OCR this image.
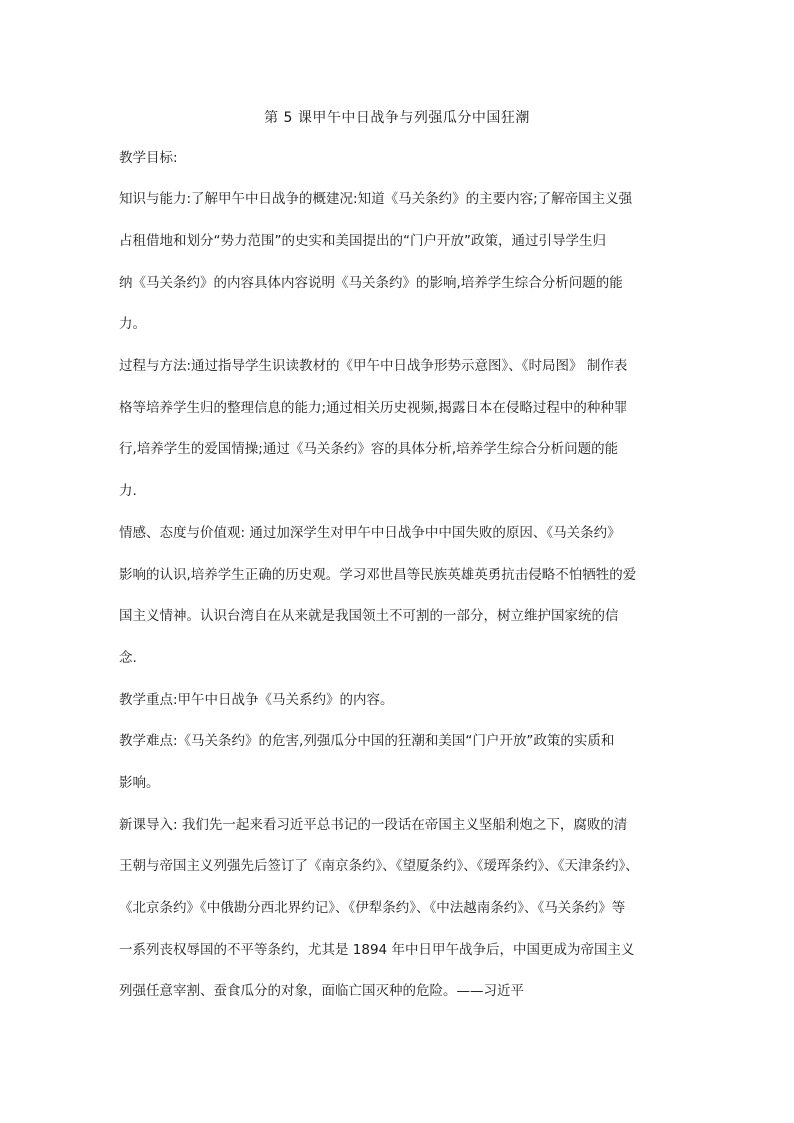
第 5 课甲午中日战争与列强瓜分中国狂潮
教学目标:
知识与能力:了解甲午中日战争的概建况:知道《马关条约》的主要内容;了解帝国主义强
占租借地和划分“势力范围”的史实和美国提出的“门户开放”政策，通过引导学生归
纳《马关条约》的内容具体内容说明《马关条约》的影响,培养学生综合分析问题的能
力。
过程与方法:通过指导学生识读教材的《甲午中日战争形势示意图》、《时局图》 制作表
格等培养学生归的整理信息的能力;通过相关历史视频,揭露日本在侵略过程中的种种罪
行,培养学生的爱国情操;通过《马关条约》容的具体分析,培养学生综合分析问题的能
力.
情感、态度与价值观: 通过加深学生对甲午中日战争中中国失败的原因、《马关条约》
影响的认识,培养学生正确的历史观。学习邓世昌等民族英雄英勇抗击侵略不怕牺牲的爱
国主义情神。认识台湾自在从来就是我国领土不可割的一部分，树立维护国家统的信
念.
教学重点:甲午中日战争《马关系约》的内容。
教学难点:《马关条约》的危害,列强瓜分中国的狂潮和美国“门户开放”政策的实质和
影响。
新课导入: 我们先一起来看习近平总书记的一段话在帝国主义坚船利炮之下，腐败的清
王朝与帝国主义列强先后签订了《南京条约》、《望厦条约》、《瑷珲条约》、《天津条约》、
《北京条约》《中俄勘分西北界约记》、《伊犁条约》、《中法越南条约》、《马关条约》等
一系列丧权辱国的不平等条约，尤其是 1894 年中日甲午战争后，中国更成为帝国主义
列强任意宰割、蚕食瓜分的对象，面临亡国灭种的危险。——习近平
